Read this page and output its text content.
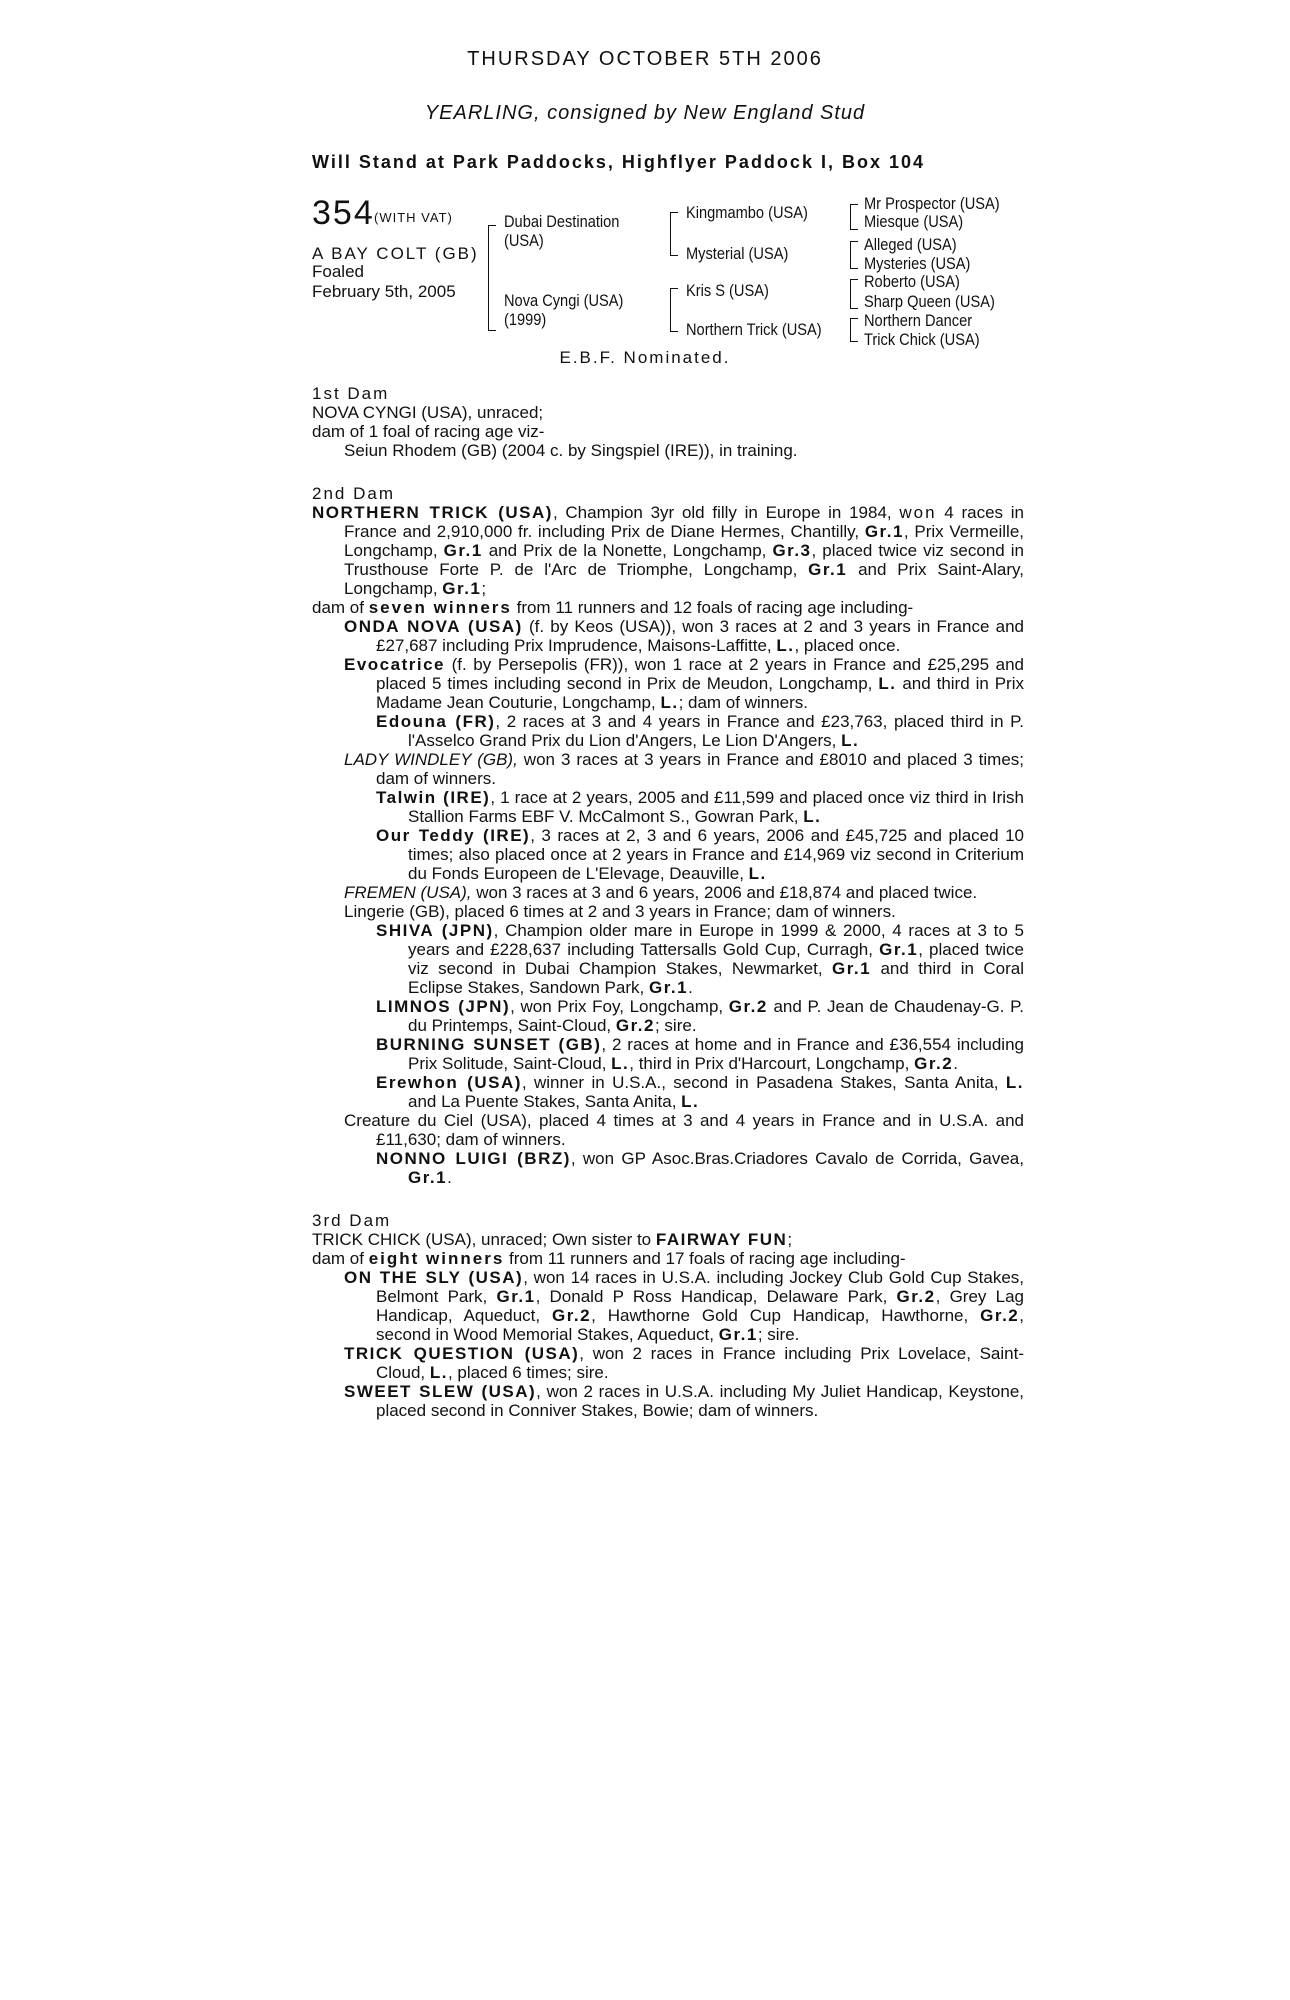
THURSDAY OCTOBER 5TH 2006
YEARLING, consigned by New England Stud
Will Stand at Park Paddocks, Highflyer Paddock I, Box 104
354 (WITH VAT)
A BAY COLT (GB)
Foaled
February 5th, 2005
Dubai Destination
(USA)
Nova Cyngi (USA)
(1999)
Kingmambo (USA)
Mysterial (USA)
Kris S (USA)
Northern Trick (USA)
Mr Prospector (USA)
Miesque (USA)
Alleged (USA)
Mysteries (USA)
Roberto (USA)
Sharp Queen (USA)
Northern Dancer
Trick Chick (USA)
E.B.F. Nominated.
1st Dam
NOVA CYNGI (USA), unraced;
dam of 1 foal of racing age viz-
Seiun Rhodem (GB) (2004 c. by Singspiel (IRE)), in training.
2nd Dam
NORTHERN TRICK (USA), Champion 3yr old filly in Europe in 1984, won 4 races in France and 2,910,000 fr. including Prix de Diane Hermes, Chantilly, Gr.1, Prix Vermeille, Longchamp, Gr.1 and Prix de la Nonette, Longchamp, Gr.3, placed twice viz second in Trusthouse Forte P. de l'Arc de Triomphe, Longchamp, Gr.1 and Prix Saint-Alary, Longchamp, Gr.1;
dam of seven winners from 11 runners and 12 foals of racing age including-
ONDA NOVA (USA) (f. by Keos (USA)), won 3 races at 2 and 3 years in France and £27,687 including Prix Imprudence, Maisons-Laffitte, L., placed once.
Evocatrice (f. by Persepolis (FR)), won 1 race at 2 years in France and £25,295 and placed 5 times including second in Prix de Meudon, Longchamp, L. and third in Prix Madame Jean Couturie, Longchamp, L.; dam of winners.
Edouna (FR), 2 races at 3 and 4 years in France and £23,763, placed third in P. l'Asselco Grand Prix du Lion d'Angers, Le Lion D'Angers, L.
LADY WINDLEY (GB), won 3 races at 3 years in France and £8010 and placed 3 times; dam of winners.
Talwin (IRE), 1 race at 2 years, 2005 and £11,599 and placed once viz third in Irish Stallion Farms EBF V. McCalmont S., Gowran Park, L.
Our Teddy (IRE), 3 races at 2, 3 and 6 years, 2006 and £45,725 and placed 10 times; also placed once at 2 years in France and £14,969 viz second in Criterium du Fonds Europeen de L'Elevage, Deauville, L.
FREMEN (USA), won 3 races at 3 and 6 years, 2006 and £18,874 and placed twice.
Lingerie (GB), placed 6 times at 2 and 3 years in France; dam of winners.
SHIVA (JPN), Champion older mare in Europe in 1999 & 2000, 4 races at 3 to 5 years and £228,637 including Tattersalls Gold Cup, Curragh, Gr.1, placed twice viz second in Dubai Champion Stakes, Newmarket, Gr.1 and third in Coral Eclipse Stakes, Sandown Park, Gr.1.
LIMNOS (JPN), won Prix Foy, Longchamp, Gr.2 and P. Jean de Chaudenay-G. P. du Printemps, Saint-Cloud, Gr.2; sire.
BURNING SUNSET (GB), 2 races at home and in France and £36,554 including Prix Solitude, Saint-Cloud, L., third in Prix d'Harcourt, Longchamp, Gr.2.
Erewhon (USA), winner in U.S.A., second in Pasadena Stakes, Santa Anita, L. and La Puente Stakes, Santa Anita, L.
Creature du Ciel (USA), placed 4 times at 3 and 4 years in France and in U.S.A. and £11,630; dam of winners.
NONNO LUIGI (BRZ), won GP Asoc.Bras.Criadores Cavalo de Corrida, Gavea, Gr.1.
3rd Dam
TRICK CHICK (USA), unraced; Own sister to FAIRWAY FUN;
dam of eight winners from 11 runners and 17 foals of racing age including-
ON THE SLY (USA), won 14 races in U.S.A. including Jockey Club Gold Cup Stakes, Belmont Park, Gr.1, Donald P Ross Handicap, Delaware Park, Gr.2, Grey Lag Handicap, Aqueduct, Gr.2, Hawthorne Gold Cup Handicap, Hawthorne, Gr.2, second in Wood Memorial Stakes, Aqueduct, Gr.1; sire.
TRICK QUESTION (USA), won 2 races in France including Prix Lovelace, Saint-Cloud, L., placed 6 times; sire.
SWEET SLEW (USA), won 2 races in U.S.A. including My Juliet Handicap, Keystone, placed second in Conniver Stakes, Bowie; dam of winners.
